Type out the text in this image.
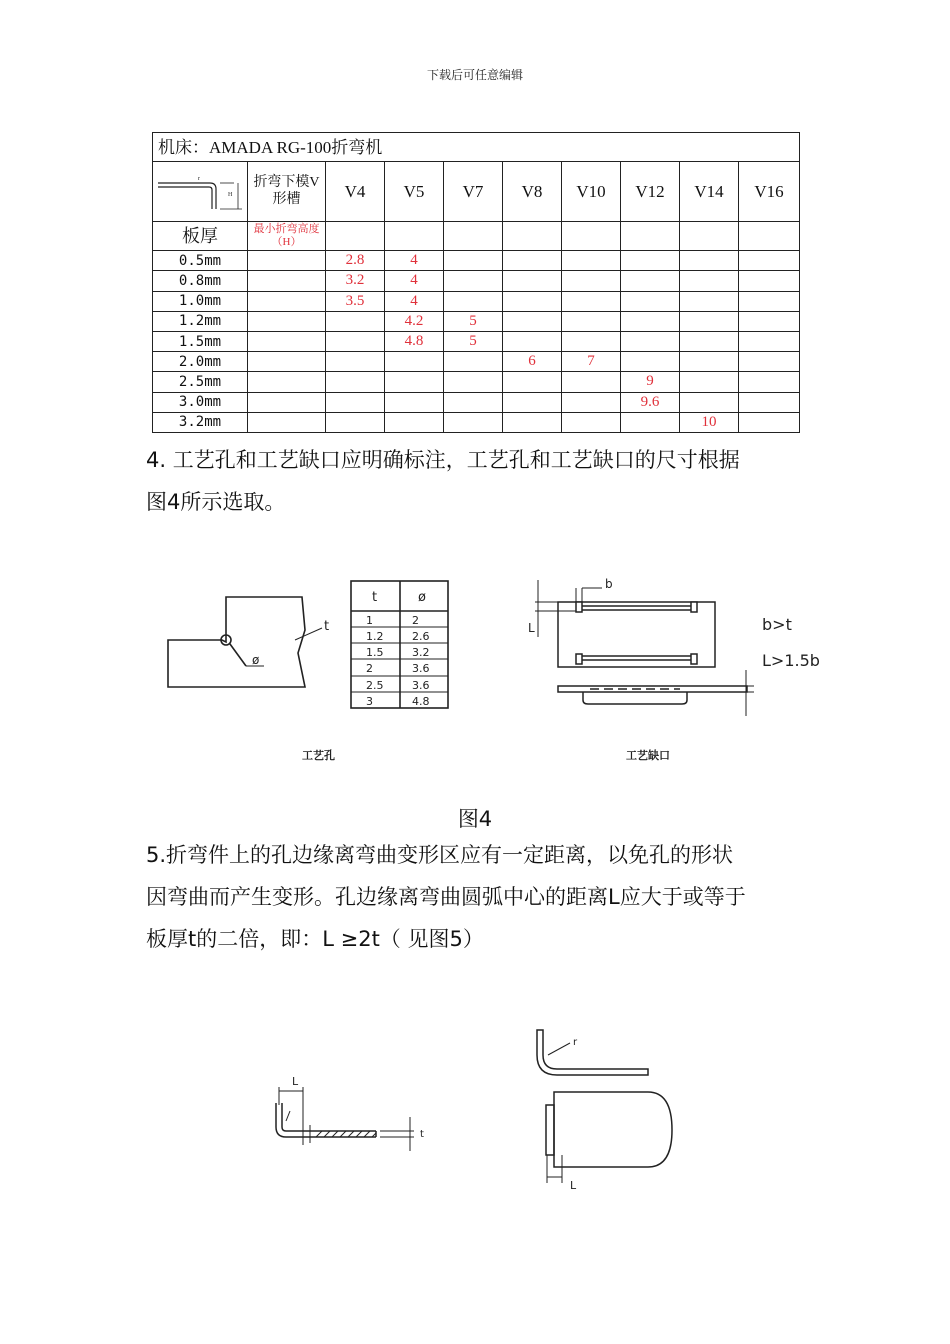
下载后可任意编辑
机床：AMADA RG-100折弯机									

r
H	折弯下模V形槽	V4	V5	V7	V8	V10	V12	V14	V16
板厚	最小折弯高度（H）								
0.5mm		2.8	4						
0.8mm		3.2	4						
1.0mm		3.5	4						
1.2mm			4.2	5					
1.5mm			4.8	5					
2.0mm					6	7			
2.5mm							9		
3.0mm							9.6		
3.2mm								10	
4. 工艺孔和工艺缺口应明确标注，工艺孔和工艺缺口的尺寸根据
图4所示选取。
ø
t
t	ø
1	2
1.2	2.6
1.5	3.2
2	3.6
2.5	3.6
3	4.8
b
L	b>t
L>1.5b
工艺孔	工艺缺口
图4
5.折弯件上的孔边缘离弯曲变形区应有一定距离，以免孔的形状
因弯曲而产生变形。孔边缘离弯曲圆弧中心的距离L应大于或等于
板厚t的二倍，即：L ≥2t（ 见图5）
L
t
r
L
